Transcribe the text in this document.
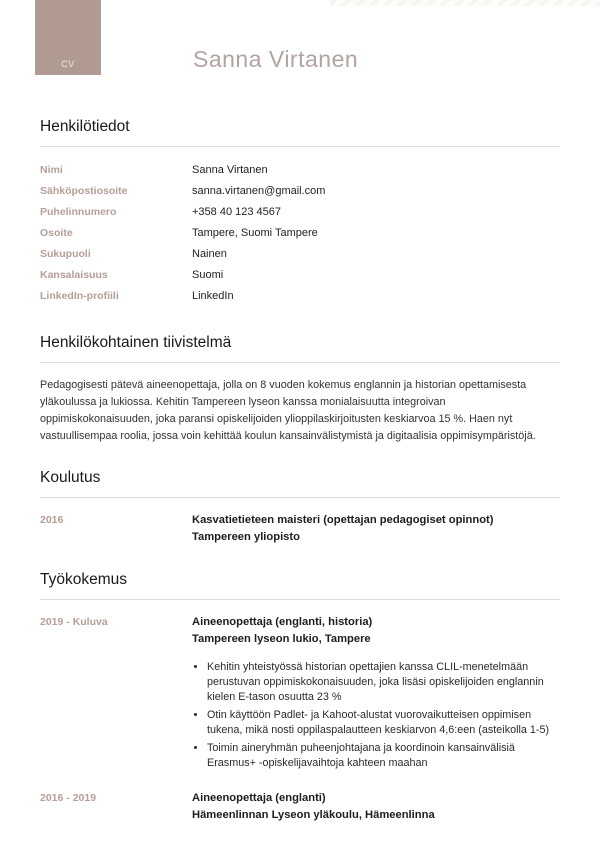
CV	Sanna Virtanen
Henkilötiedot
Nimi	Sanna Virtanen
Sähköpostiosoite	sanna.virtanen@gmail.com
Puhelinnumero	+358 40 123 4567
Osoite	Tampere, Suomi Tampere
Sukupuoli	Nainen
Kansalaisuus	Suomi
LinkedIn-profiili	LinkedIn
Henkilökohtainen tiivistelmä

Pedagogisesti pätevä aineenopettaja, jolla on 8 vuoden kokemus englannin ja historian opettamisesta yläkoulussa ja lukiossa. Kehitin Tampereen lyseon kanssa monialaisuutta integroivan oppimiskokonaisuuden, joka paransi opiskelijoiden ylioppilaskirjoitusten keskiarvoa 15 %. Haen nyt vastuullisempaa roolia, jossa voin kehittää koulun kansainvälistymistä ja digitaalisia oppimisympäristöjä.

Koulutus
2016	Kasvatietieteen maisteri (opettajan pedagogiset opinnot)
Tampereen yliopisto
Työkokemus
2019 - Kuluva	Aineenopettaja (englanti, historia)
Tampereen lyseon lukio, Tampere
• Kehitin yhteistyössä historian opettajien kanssa CLIL-menetelmään perustuvan oppimiskokonaisuuden, joka lisäsi opiskelijoiden englannin kielen E-tason osuutta 23 %
• Otin käyttöön Padlet- ja Kahoot-alustat vuorovaikutteisen oppimisen tukena, mikä nosti oppilaspalautteen keskiarvon 4,6:een (asteikolla 1-5)
• Toimin aineryhmän puheenjohtajana ja koordinoin kansainvälisiä Erasmus+ -opiskelijavaihtoja kahteen maahan
2016 - 2019	Aineenopettaja (englanti)
Hämeenlinnan Lyseon yläkoulu, Hämeenlinna
